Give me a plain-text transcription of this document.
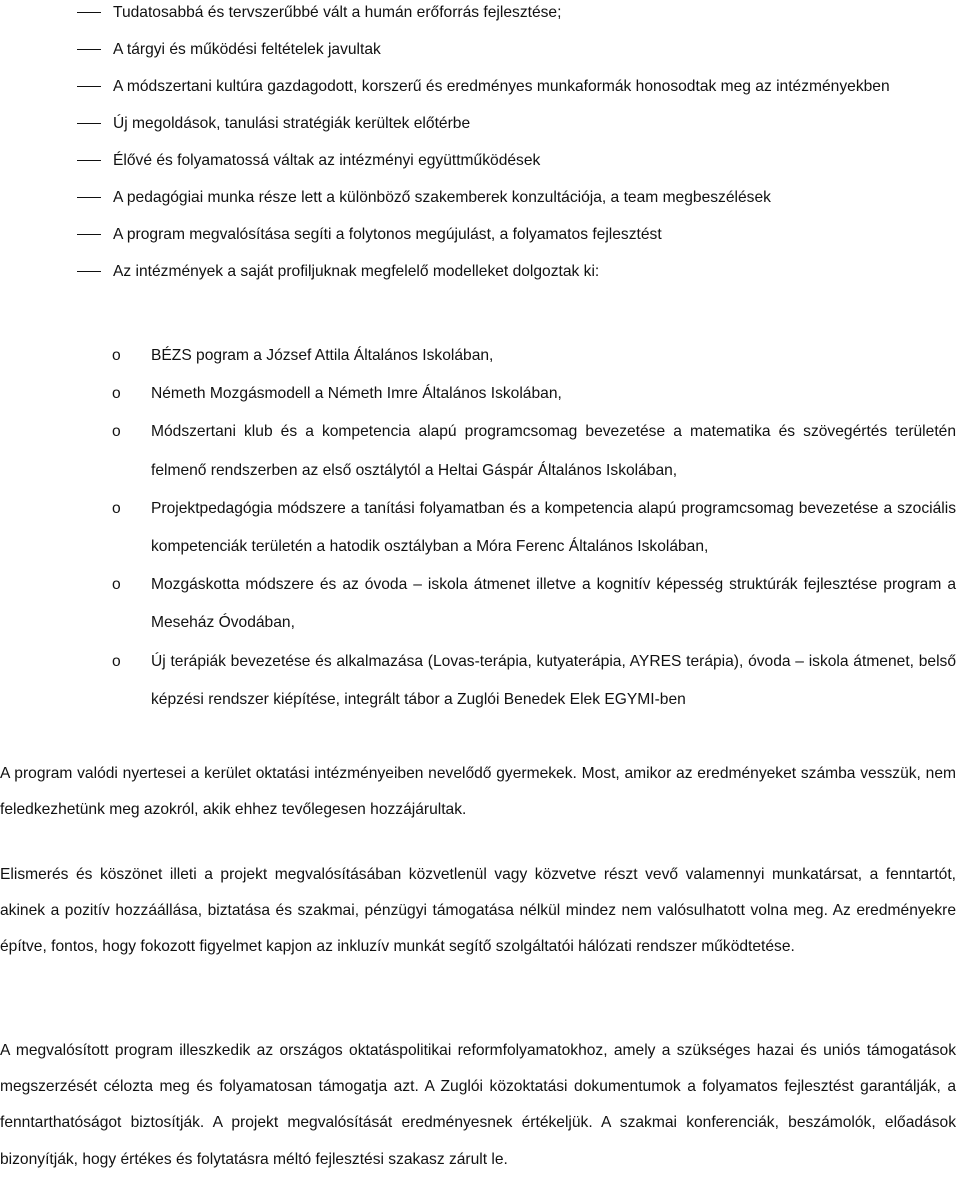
Tudatosabbá és tervszerűbbé vált a humán erőforrás fejlesztése;
A tárgyi és működési feltételek javultak
A módszertani kultúra gazdagodott, korszerű és eredményes munkaformák honosodtak meg az intézményekben
Új megoldások, tanulási stratégiák kerültek előtérbe
Élővé és folyamatossá váltak az intézményi együttműködések
A pedagógiai munka része lett a különböző szakemberek konzultációja, a team megbeszélések
A program megvalósítása segíti a folytonos megújulást, a folyamatos fejlesztést
Az intézmények a saját profiljuknak megfelelő modelleket dolgoztak ki:
o BÉZS pogram a József Attila Általános Iskolában,
o Németh Mozgásmodell a Németh Imre Általános Iskolában,
o Módszertani klub és a kompetencia alapú programcsomag bevezetése a matematika és szövegértés területén felmenő rendszerben az első osztálytól a Heltai Gáspár Általános Iskolában,
o Projektpedagógia módszere a tanítási folyamatban és a kompetencia alapú programcsomag bevezetése a szociális kompetenciák területén a hatodik osztályban a Móra Ferenc Általános Iskolában,
o Mozgáskotta módszere és az óvoda – iskola átmenet illetve a kognitív képesség struktúrák fejlesztése program a Meseház Óvodában,
o Új terápiák bevezetése és alkalmazása (Lovas-terápia, kutyaterápia, AYRES terápia), óvoda – iskola átmenet, belső képzési rendszer kiépítése, integrált tábor a Zuglói Benedek Elek EGYMI-ben

A program valódi nyertesei a kerület oktatási intézményeiben nevelődő gyermekek. Most, amikor az eredményeket számba vesszük, nem feledkezhetünk meg azokról, akik ehhez tevőlegesen hozzájárultak.

Elismerés és köszönet illeti a projekt megvalósításában közvetlenül vagy közvetve részt vevő valamennyi munkatársat, a fenntartót, akinek a pozitív hozzáállása, biztatása és szakmai, pénzügyi támogatása nélkül mindez nem valósulhatott volna meg. Az eredményekre építve, fontos, hogy fokozott figyelmet kapjon az inkluzív munkát segítő szolgáltatói hálózati rendszer működtetése.

A megvalósított program illeszkedik az országos oktatáspolitikai reformfolyamatokhoz, amely a szükséges hazai és uniós támogatások megszerzését célozta meg és folyamatosan támogatja azt. A Zuglói közoktatási dokumentumok a folyamatos fejlesztést garantálják, a fenntarthatóságot biztosítják. A projekt megvalósítását eredményesnek értékeljük. A szakmai konferenciák, beszámolók, előadások bizonyítják, hogy értékes és folytatásra méltó fejlesztési szakasz zárult le.
